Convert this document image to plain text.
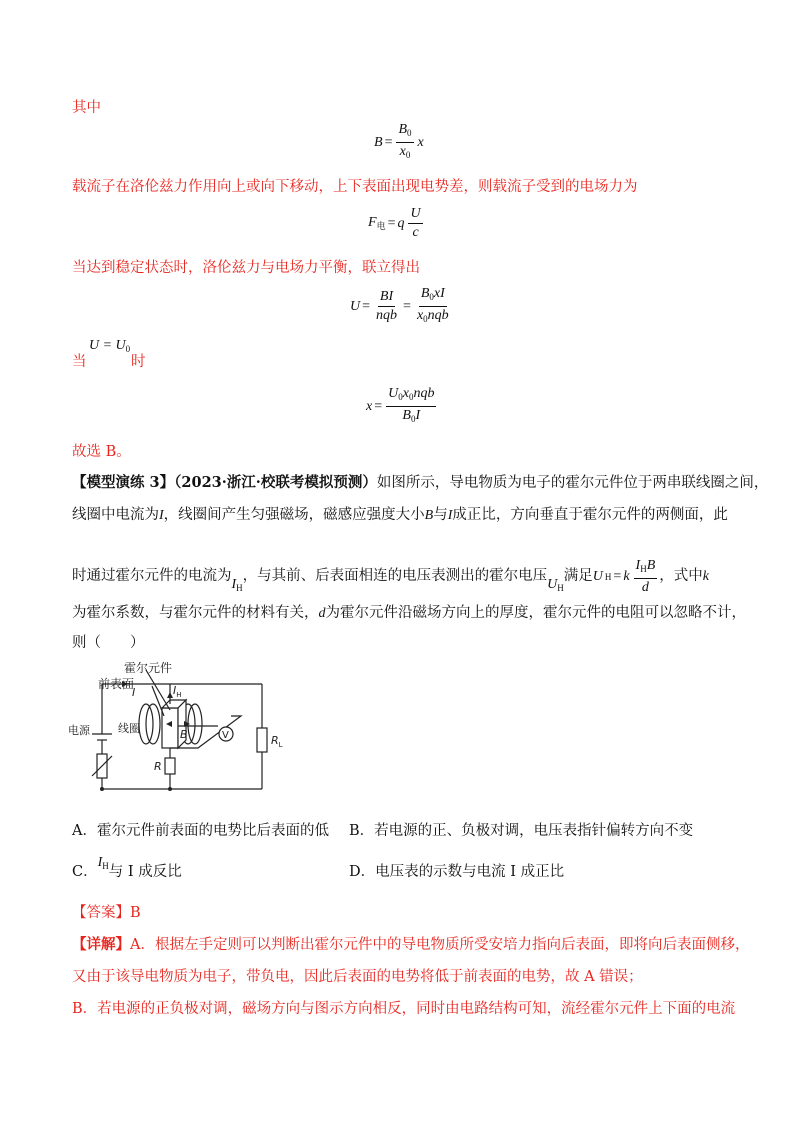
其中
$B = \frac{B_0}{x_0}$ x
载流子在洛伦兹力作用向上或向下移动，上下表面出现电势差，则载流子受到的电场力为
$F_电 = q \frac{U}{c}$
当达到稳定状态时，洛伦兹力与电场力平衡，联立得出
$U = \frac{BI}{\text{nqb}} = \frac{B_0xI}{x_0nqb}$
当
$U = U_0$
时
$x = \frac{U_0x_0nqb}{B_0I}$
故选 B。
【模型演练 3】（2023·浙江·校联考模拟预测）如图所示，导电物质为电子的霍尔元件位于两串联线圈之间，
线圈中电流为I，线圈间产生匀强磁场，磁感应强度大小B与I成正比，方向垂直于霍尔元件的两侧面，此
时通过霍尔元件的电流为$I_H$，与其前、后表面相连的电压表测出的霍尔电压$U_H$满足 U H = k $\frac{I_HB}{d}$ ，式中k
为霍尔系数，与霍尔元件的材料有关，d为霍尔元件沿磁场方向上的厚度，霍尔元件的电阻可以忽略不计，
则（　　）
霍尔元件
前表面
电源	线圈
I	$I_H$
B	V
R
$R_L$
A．霍尔元件前表面的电势比后表面的低 B．若电源的正、负极对调，电压表指针偏转方向不变
C．$I_H$与 I 成反比	D．电压表的示数与电流 I 成正比
【答案】B
【详解】A．根据左手定则可以判断出霍尔元件中的导电物质所受安培力指向后表面，即将向后表面侧移，
又由于该导电物质为电子，带负电，因此后表面的电势将低于前表面的电势，故 A 错误；
B．若电源的正负极对调，磁场方向与图示方向相反，同时由电路结构可知，流经霍尔元件上下面的电流
